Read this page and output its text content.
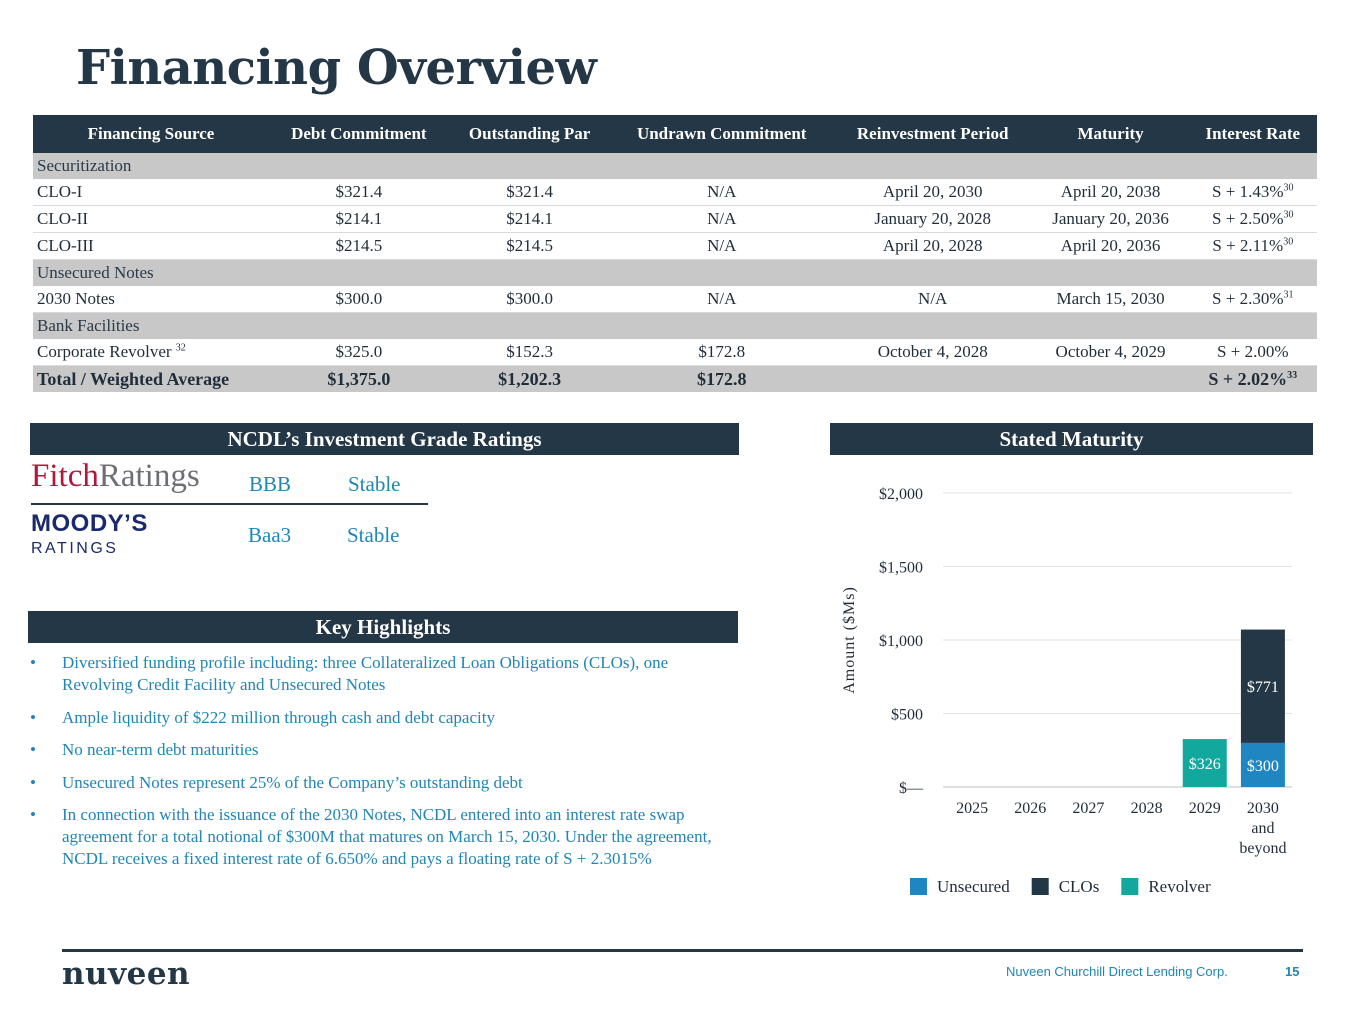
Financing Overview
Financing Source	Debt Commitment	Outstanding Par	Undrawn Commitment	Reinvestment Period	Maturity	Interest Rate
Securitization						
CLO-I	$321.4	$321.4	N/A	April 20, 2030	April 20, 2038	S + 1.43%$^{30}$
CLO-II	$214.1	$214.1	N/A	January 20, 2028	January 20, 2036	S + 2.50%$^{30}$
CLO-III	$214.5	$214.5	N/A	April 20, 2028	April 20, 2036	S + 2.11%$^{30}$
Unsecured Notes						
2030 Notes	$300.0	$300.0	N/A	N/A	March 15, 2030	S + 2.30%$^{31}$
Bank Facilities						
Corporate Revolver $^{32}$	$325.0	$152.3	$172.8	October 4, 2028	October 4, 2029	S + 2.00%
Total / Weighted Average	$1,375.0	$1,202.3	$172.8			S + 2.02%$^{33}$
NCDL’s Investment Grade Ratings
FitchRatings BBB	Stable
MOODY’S
RATINGS
Baa3	Stable
Key Highlights
• Diversified funding profile including: three Collateralized Loan Obligations (CLOs), one Revolving Credit Facility and Unsecured Notes
• Ample liquidity of $222 million through cash and debt capacity
• No near-term debt maturities
• Unsecured Notes represent 25% of the Company’s outstanding debt
• In connection with the issuance of the 2030 Notes, NCDL entered into an interest rate swap agreement for a total notional of $300M that matures on March 15, 2030. Under the agreement, NCDL receives a fixed interest rate of 6.650% and pays a floating rate of S + 2.3015%
Stated Maturity
$—
$500
$1,000
$1,500
$2,000
Amount ($Ms)
2025 2026 2027 2028 2029
$326
2030 and beyond
$300
$771
Unsecured	CLOs	Revolver
nuveen	Nuveen Churchill Direct Lending Corp.	15
